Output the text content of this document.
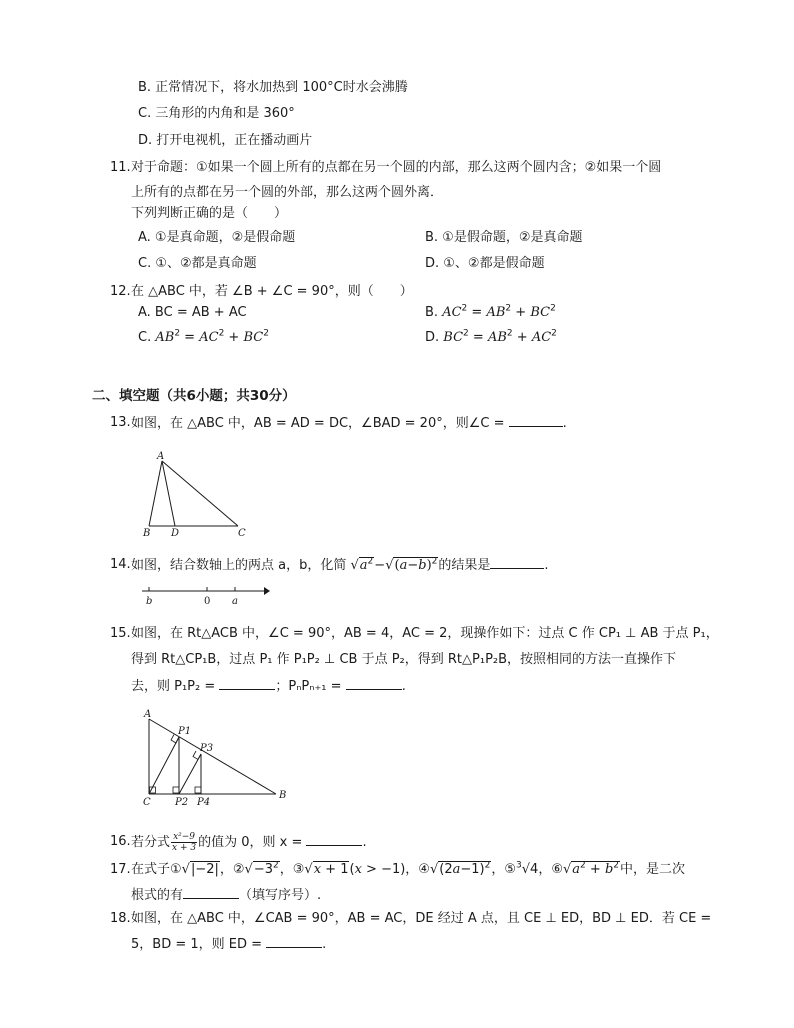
B. 正常情况下，将水加热到 100°C时水会沸腾
C. 三角形的内角和是 360°
D. 打开电视机，正在播动画片
11. 对于命题：①如果一个圆上所有的点都在另一个圆的内部，那么这两个圆内含；②如果一个圆
上所有的点都在另一个圆的外部，那么这两个圆外离．
下列判断正确的是（　　）
A. ①是真命题，②是假命题	B. ①是假命题，②是真命题
C. ①、②都是真命题	D. ①、②都是假命题
12. 在 △ABC 中，若 ∠B + ∠C = 90°，则（　　）
A. BC = AB + AC	B. $AC^2 = AB^2 + BC^2$
C. $AB^2 = AC^2 + BC^2$	D. $BC^2 = AB^2 + AC^2$
二、填空题（共6小题；共30分）
13. 如图，在 △ABC 中，AB = AD = DC，∠BAD = 20°，则∠C =	.
A
B D	C
14. 如图，结合数轴上的两点 a，b，化简 $√a^2-√(a-b)^2$的结果是	.
b	0 a
15. 如图，在 Rt△ACB 中，∠C = 90°，AB = 4，AC = 2，现操作如下：过点 C 作 CP₁ ⊥ AB 于点 P₁，
得到 Rt△CP₁B，过点 P₁ 作 P₁P₂ ⊥ CB 于点 P₂，得到 Rt△P₁P₂B，按照相同的方法一直操作下
去，则 P₁P₂ =	；PₙPₙ₊₁ =	.
A
P1
P3
C P2 P4
B
16. 若分式 $\frac{\text{x²−9}}{x + 3}$ 的值为 0，则 x =	.
17. 在式子①√|−2|，$②√-3^2$，③√x + 1(x > −1)，$④√(2a-1)^2$，⑤$^3$√4，$⑥√a^2 + b^2$中，是二次
根式的有	（填写序号）.
18. 如图，在 △ABC 中，∠CAB = 90°，AB = AC，DE 经过 A 点，且 CE ⊥ ED，BD ⊥ ED．若 CE =
5，BD = 1，则 ED =	.
